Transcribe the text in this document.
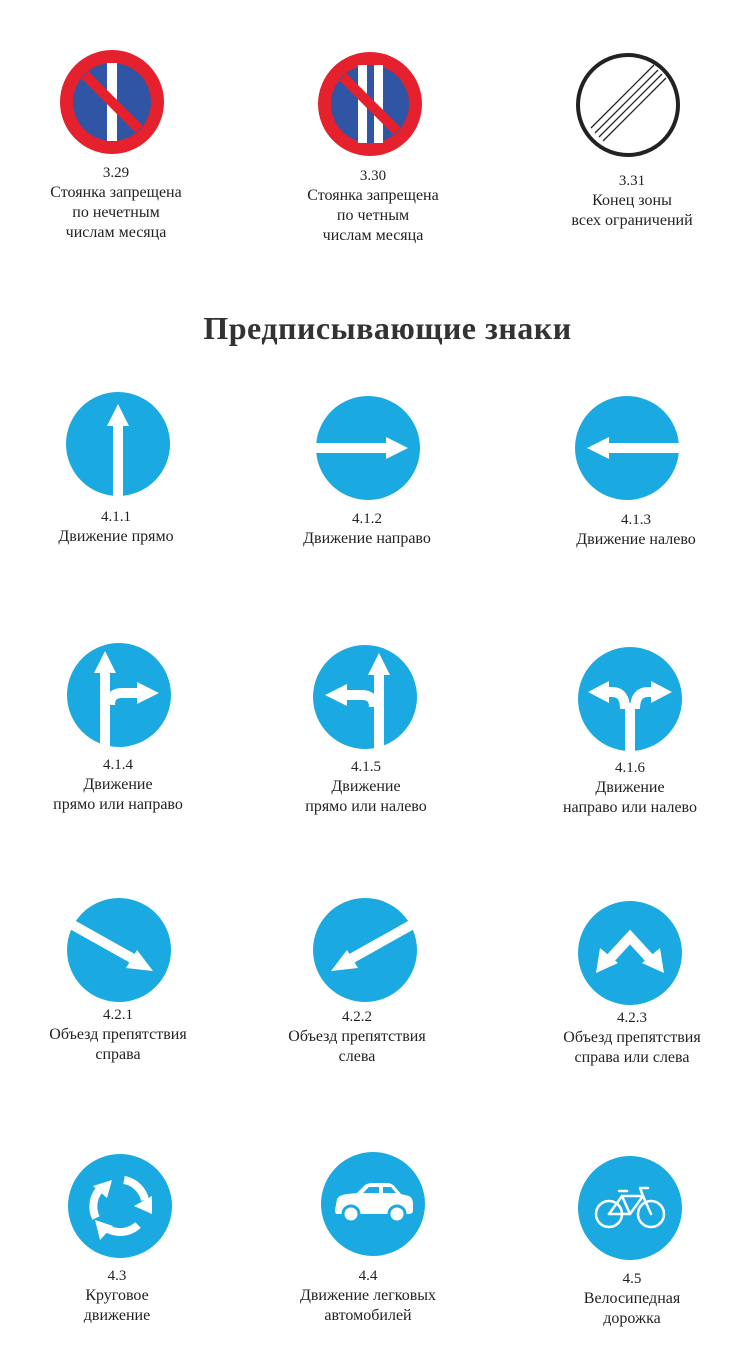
3.29
Стоянка запрещена
по нечетным
числам месяца
3.30
Стоянка запрещена
по четным
числам месяца
3.31
Конец зоны
всех ограничений
Предписывающие знаки
4.1.1
Движение прямо
4.1.2
Движение направо
4.1.3
Движение налево
4.1.4
Движение
прямо или направо
4.1.5
Движение
прямо или налево
4.1.6
Движение
направо или налево
4.2.1
Объезд препятствия
справа
4.2.2
Объезд препятствия
слева
4.2.3
Объезд препятствия
справа или слева
4.3
Круговое
движение
4.4
Движение легковых
автомобилей
4.5
Велосипедная
дорожка
